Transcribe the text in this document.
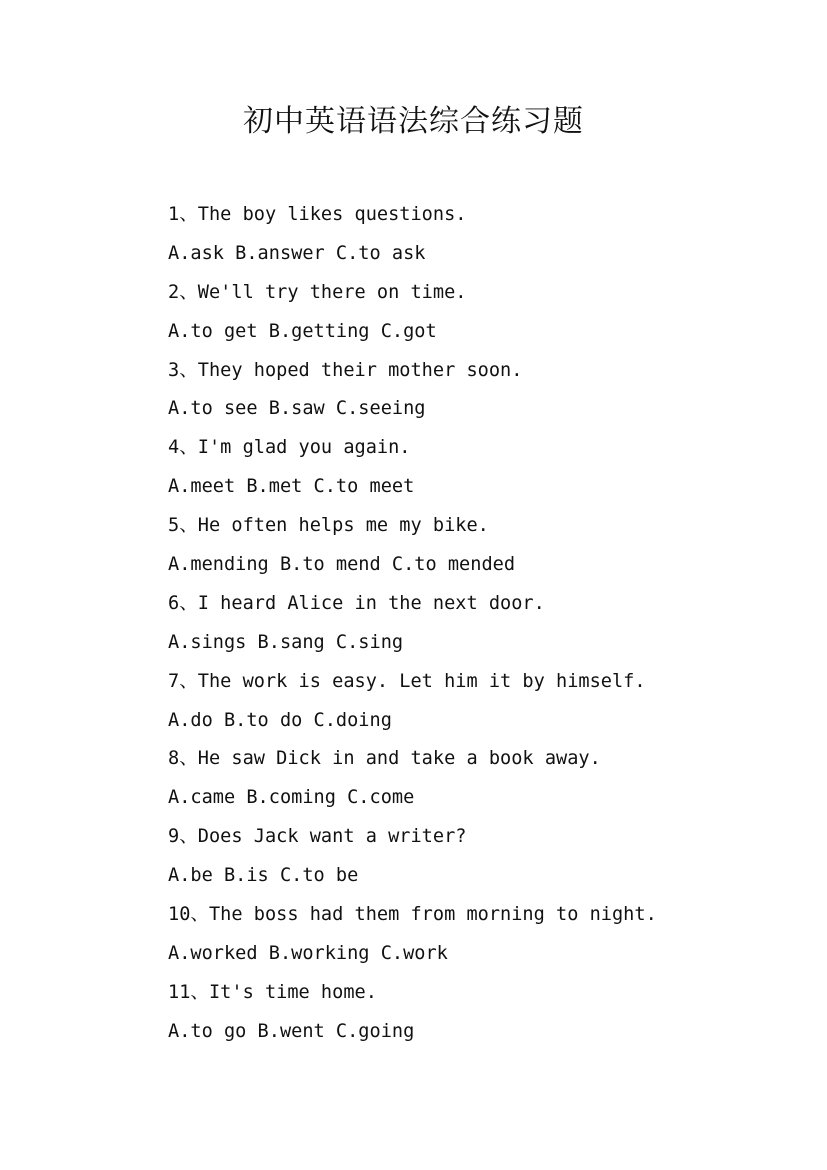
初中英语语法综合练习题
1、The boy likes questions.
A.ask B.answer C.to ask
2、We'll try there on time.
A.to get B.getting C.got
3、They hoped their mother soon.
A.to see B.saw C.seeing
4、I'm glad you again.
A.meet B.met C.to meet
5、He often helps me my bike.
A.mending B.to mend C.to mended
6、I heard Alice in the next door.
A.sings B.sang C.sing
7、The work is easy. Let him it by himself.
A.do B.to do C.doing
8、He saw Dick in and take a book away.
A.came B.coming C.come
9、Does Jack want a writer?
A.be B.is C.to be
10、The boss had them from morning to night.
A.worked B.working C.work
11、It's time home.
A.to go B.went C.going
